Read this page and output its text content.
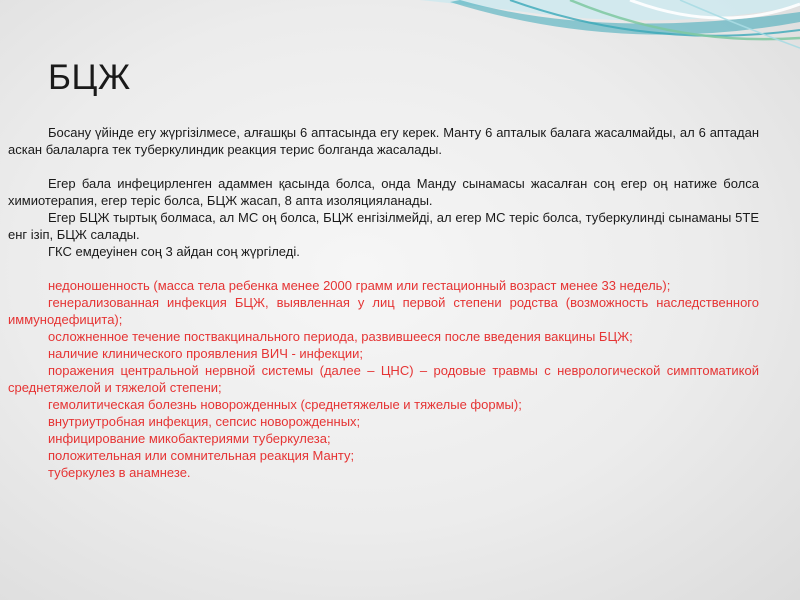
БЦЖ

Босану үйінде егу жүргізілмесе, алғашқы 6 аптасында егу керек. Манту 6 апталык балага жасалмайды, ал 6 аптадан аскан балаларга тек туберкулиндик реакция терис болганда жасалады.

Егер бала инфецирленген адаммен қасында болса, онда Манду сынамасы жасалған соң егер оң натиже болса химиотерапия, егер теріс болса, БЦЖ жасап, 8 апта изоляцияланады.

Егер БЦЖ тыртық болмаса, ал МС оң болса, БЦЖ енгізілмейді, ал егер МС теріс болса, туберкулинді сынаманы 5ТЕ енг ізіп, БЦЖ салады.

ГКС емдеуінен соң 3 айдан соң жүргіледі.

недоношенность (масса тела ребенка менее 2000 грамм или гестационный возраст менее 33 недель);

генерализованная инфекция БЦЖ, выявленная у лиц первой степени родства (возможность наследственного иммунодефицита);

осложненное течение поствакцинального периода, развившееся после введения вакцины БЦЖ;

наличие клинического проявления ВИЧ - инфекции;

поражения центральной нервной системы (далее – ЦНС) – родовые травмы с неврологической симптоматикой среднетяжелой и тяжелой степени;

гемолитическая болезнь новорожденных (среднетяжелые и тяжелые формы);

внутриутробная инфекция, сепсис новорожденных;

инфицирование микобактериями туберкулеза;

положительная или сомнительная реакция Манту;

туберкулез в анамнезе.
